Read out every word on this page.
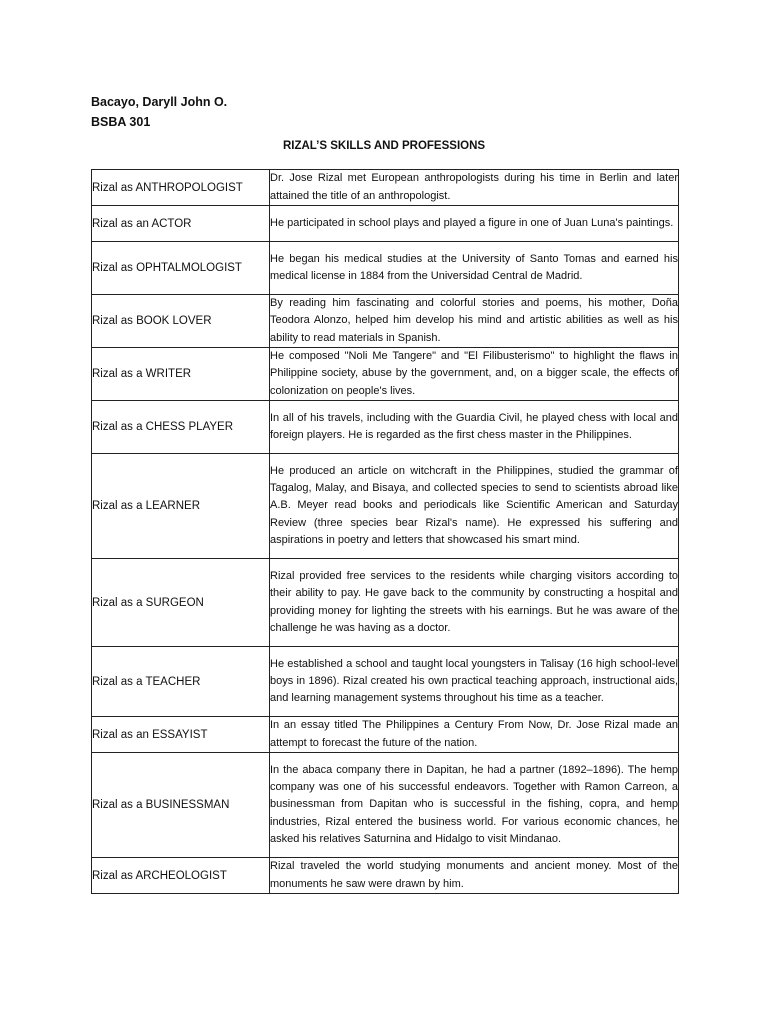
Bacayo, Daryll John O.
BSBA 301
RIZAL’S SKILLS AND PROFESSIONS
Rizal as ANTHROPOLOGIST	Dr. Jose Rizal met European anthropologists during his time in Berlin and later attained the title of an anthropologist.
Rizal as an ACTOR	He participated in school plays and played a figure in one of Juan Luna's paintings.
Rizal as OPHTALMOLOGIST	He began his medical studies at the University of Santo Tomas and earned his medical license in 1884 from the Universidad Central de Madrid.
Rizal as BOOK LOVER	By reading him fascinating and colorful stories and poems, his mother, Doña Teodora Alonzo, helped him develop his mind and artistic abilities as well as his ability to read materials in Spanish.
Rizal as a WRITER	He composed "Noli Me Tangere" and "El Filibusterismo" to highlight the flaws in Philippine society, abuse by the government, and, on a bigger scale, the effects of colonization on people's lives.
Rizal as a CHESS PLAYER	In all of his travels, including with the Guardia Civil, he played chess with local and foreign players. He is regarded as the first chess master in the Philippines.
Rizal as a LEARNER	He produced an article on witchcraft in the Philippines, studied the grammar of Tagalog, Malay, and Bisaya, and collected species to send to scientists abroad like A.B. Meyer read books and periodicals like Scientific American and Saturday Review (three species bear Rizal's name). He expressed his suffering and aspirations in poetry and letters that showcased his smart mind.
Rizal as a SURGEON	Rizal provided free services to the residents while charging visitors according to their ability to pay. He gave back to the community by constructing a hospital and providing money for lighting the streets with his earnings. But he was aware of the challenge he was having as a doctor.
Rizal as a TEACHER	He established a school and taught local youngsters in Talisay (16 high school-level boys in 1896). Rizal created his own practical teaching approach, instructional aids, and learning management systems throughout his time as a teacher.
Rizal as an ESSAYIST	In an essay titled The Philippines a Century From Now, Dr. Jose Rizal made an attempt to forecast the future of the nation.
Rizal as a BUSINESSMAN	In the abaca company there in Dapitan, he had a partner (1892–1896). The hemp company was one of his successful endeavors. Together with Ramon Carreon, a businessman from Dapitan who is successful in the fishing, copra, and hemp industries, Rizal entered the business world. For various economic chances, he asked his relatives Saturnina and Hidalgo to visit Mindanao.
Rizal as ARCHEOLOGIST	Rizal traveled the world studying monuments and ancient money. Most of the monuments he saw were drawn by him.
